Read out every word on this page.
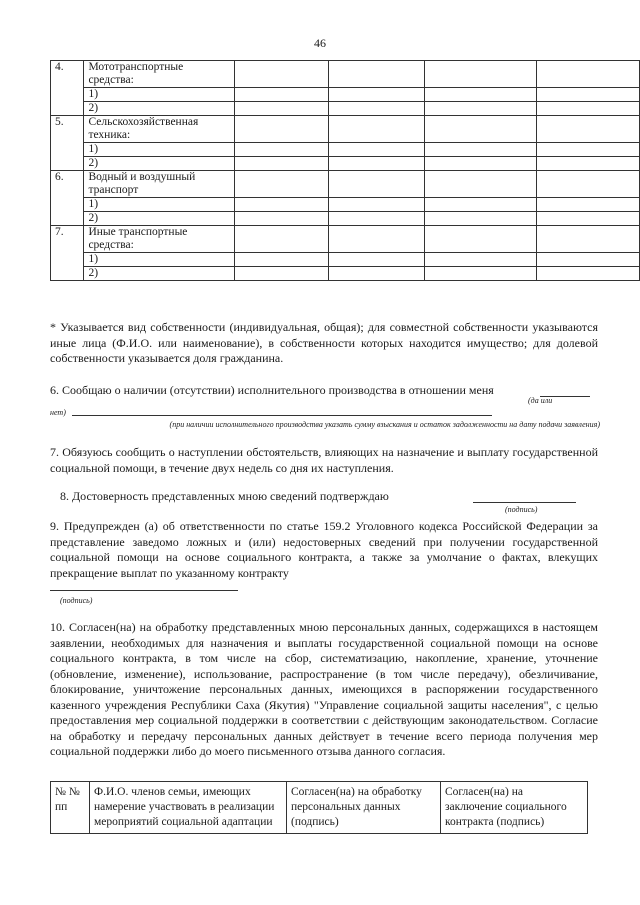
46
4.	Мототранспортные средства:				
	1)				
	2)				
5.	Сельскохозяйственная техника:				
	1)				
	2)				
6.	Водный и воздушный транспорт				
	1)				
	2)				
7.	Иные транспортные средства:				
	1)				
	2)				
* Указывается вид собственности (индивидуальная, общая); для совместной собственности указываются иные лица (Ф.И.О. или наименование), в собственности которых находится имущество; для долевой собственности указывается доля гражданина.
6. Сообщаю о наличии (отсутствии) исполнительного производства в отношении меня
(да или
нет)
(при наличии исполнительного производства указать сумму взыскания и остаток задолженности на дату подачи заявления)
7. Обязуюсь сообщить о наступлении обстоятельств, влияющих на назначение и выплату государственной социальной помощи, в течение двух недель со дня их наступления.
8. Достоверность представленных мною сведений подтверждаю
(подпись)
9. Предупрежден (а) об ответственности по статье 159.2 Уголовного кодекса Российской Федерации за представление заведомо ложных и (или) недостоверных сведений при получении государственной социальной помощи на основе социального контракта, а также за умолчание о фактах, влекущих прекращение выплат по указанному контракту
(подпись)
10. Согласен(на) на обработку представленных мною персональных данных, содержащихся в настоящем заявлении, необходимых для назначения и выплаты государственной социальной помощи на основе социального контракта, в том числе на сбор, систематизацию, накопление, хранение, уточнение (обновление, изменение), использование, распространение (в том числе передачу), обезличивание, блокирование, уничтожение персональных данных, имеющихся в распоряжении государственного казенного учреждения Республики Саха (Якутия) "Управление социальной защиты населения", с целью предоставления мер социальной поддержки в соответствии с действующим законодательством. Согласие на обработку и передачу персональных данных действует в течение всего периода получения мер социальной поддержки либо до моего письменного отзыва данного согласия.
№ № пп	Ф.И.О. членов семьи, имеющих намерение участвовать в реализации мероприятий социальной адаптации	Согласен(на) на обработку персональных данных (подпись)	Согласен(на) на заключение социального контракта (подпись)
